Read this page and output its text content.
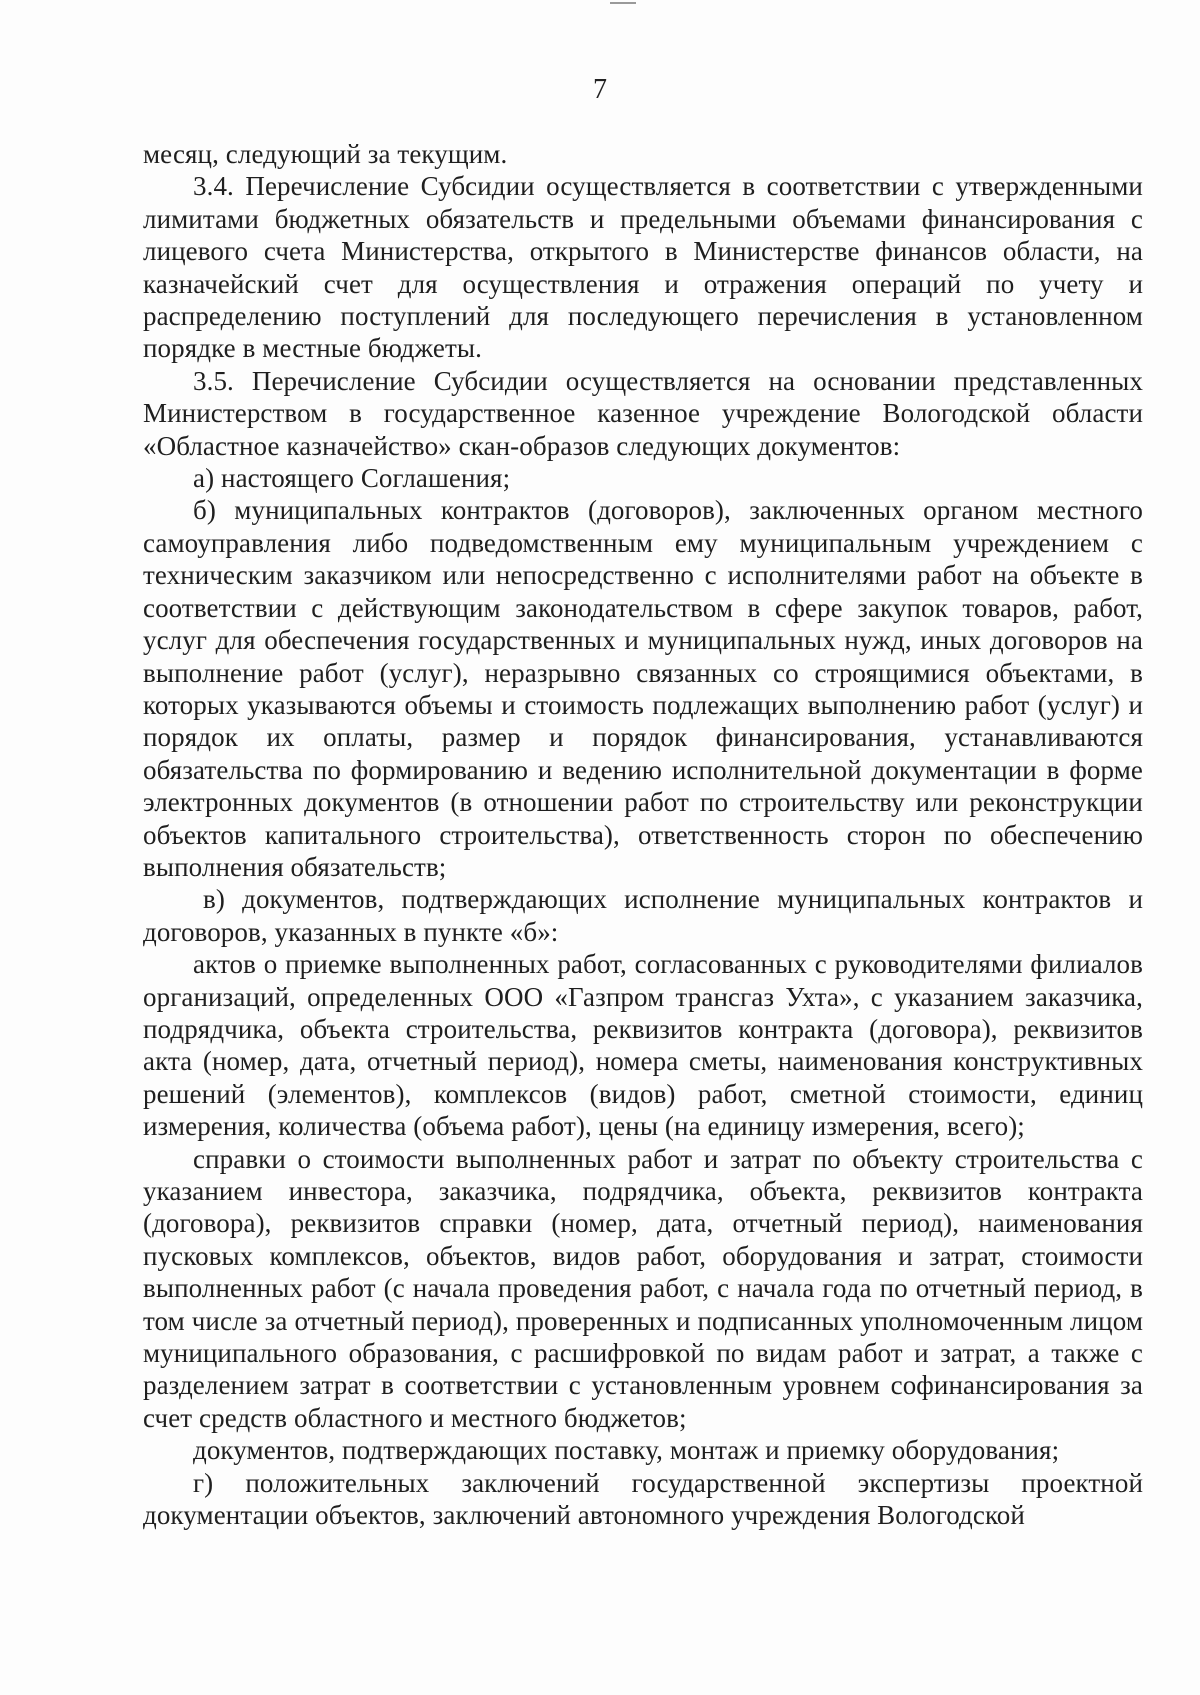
7

месяц, следующий за текущим.

3.4. Перечисление Субсидии осуществляется в соответствии с утвержденными лимитами бюджетных обязательств и предельными объемами финансирования с лицевого счета Министерства, открытого в Министерстве финансов области, на казначейский счет для осуществления и отражения операций по учету и распределению поступлений для последующего перечисления в установленном порядке в местные бюджеты.

3.5. Перечисление Субсидии осуществляется на основании представленных Министерством в государственное казенное учреждение Вологодской области «Областное казначейство» скан-образов следующих документов:

а) настоящего Соглашения;

б) муниципальных контрактов (договоров), заключенных органом местного самоуправления либо подведомственным ему муниципальным учреждением с техническим заказчиком или непосредственно с исполнителями работ на объекте в соответствии с действующим законодательством в сфере закупок товаров, работ, услуг для обеспечения государственных и муниципальных нужд, иных договоров на выполнение работ (услуг), неразрывно связанных со строящимися объектами, в которых указываются объемы и стоимость подлежащих выполнению работ (услуг) и порядок их оплаты, размер и порядок финансирования, устанавливаются обязательства по формированию и ведению исполнительной документации в форме электронных документов (в отношении работ по строительству или реконструкции объектов капитального строительства), ответственность сторон по обеспечению выполнения обязательств;

в) документов, подтверждающих исполнение муниципальных контрактов и договоров, указанных в пункте «б»:

актов о приемке выполненных работ, согласованных с руководителями филиалов организаций, определенных ООО «Газпром трансгаз Ухта», с указанием заказчика, подрядчика, объекта строительства, реквизитов контракта (договора), реквизитов акта (номер, дата, отчетный период), номера сметы, наименования конструктивных решений (элементов), комплексов (видов) работ, сметной стоимости, единиц измерения, количества (объема работ), цены (на единицу измерения, всего);

справки о стоимости выполненных работ и затрат по объекту строительства с указанием инвестора, заказчика, подрядчика, объекта, реквизитов контракта (договора), реквизитов справки (номер, дата, отчетный период), наименования пусковых комплексов, объектов, видов работ, оборудования и затрат, стоимости выполненных работ (с начала проведения работ, с начала года по отчетный период, в том числе за отчетный период), проверенных и подписанных уполномоченным лицом муниципального образования, с расшифровкой по видам работ и затрат, а также с разделением затрат в соответствии с установленным уровнем софинансирования за счет средств областного и местного бюджетов;

документов, подтверждающих поставку, монтаж и приемку оборудования;

г) положительных заключений государственной экспертизы проектной документации объектов, заключений автономного учреждения Вологодской
